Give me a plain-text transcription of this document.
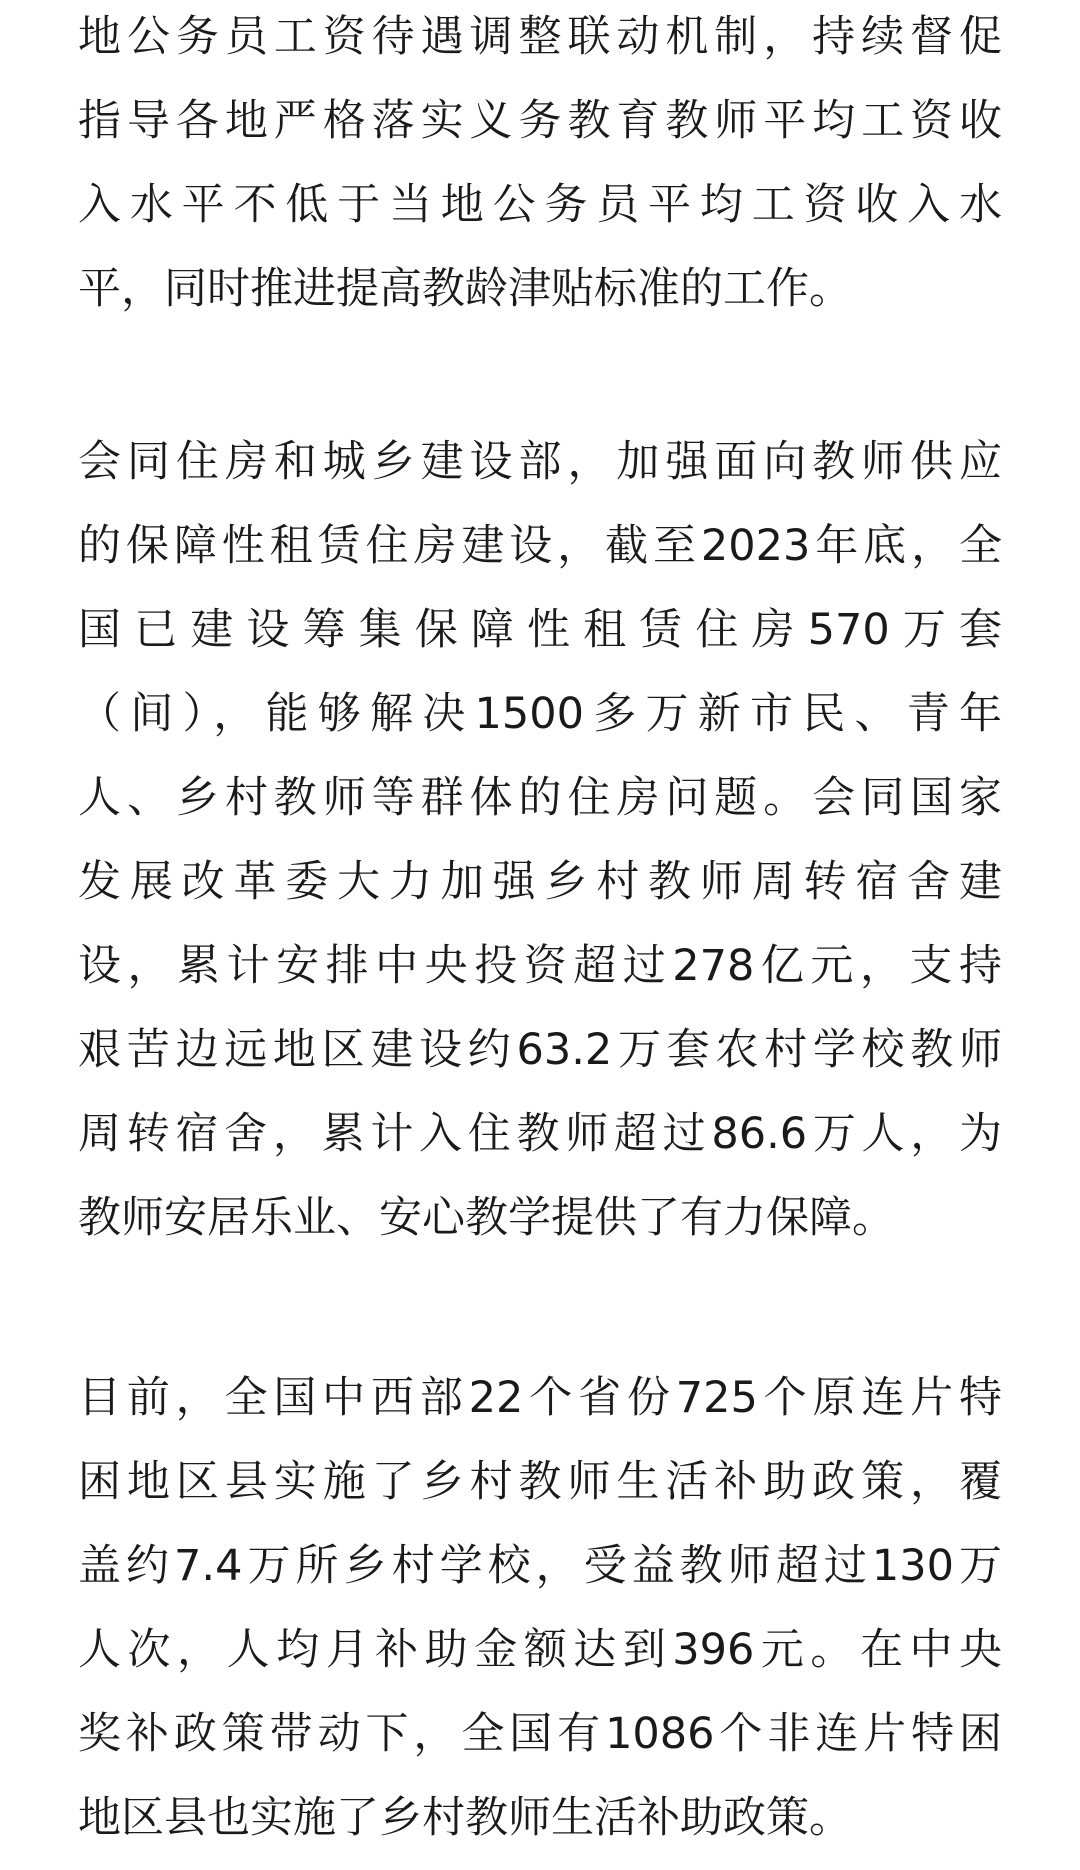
地公务员工资待遇调整联动机制，持续督促
指导各地严格落实义务教育教师平均工资收
入水平不低于当地公务员平均工资收入水
平，同时推进提高教龄津贴标准的工作。
会同住房和城乡建设部，加强面向教师供应
的保障性租赁住房建设，截至2023年底，全
国已建设筹集保障性租赁住房570万套
（间），能够解决1500多万新市民、青年
人、乡村教师等群体的住房问题。会同国家
发展改革委大力加强乡村教师周转宿舍建
设，累计安排中央投资超过278亿元，支持
艰苦边远地区建设约63.2万套农村学校教师
周转宿舍，累计入住教师超过86.6万人，为
教师安居乐业、安心教学提供了有力保障。
目前，全国中西部22个省份725个原连片特
困地区县实施了乡村教师生活补助政策，覆
盖约7.4万所乡村学校，受益教师超过130万
人次，人均月补助金额达到396元。在中央
奖补政策带动下，全国有1086个非连片特困
地区县也实施了乡村教师生活补助政策。
